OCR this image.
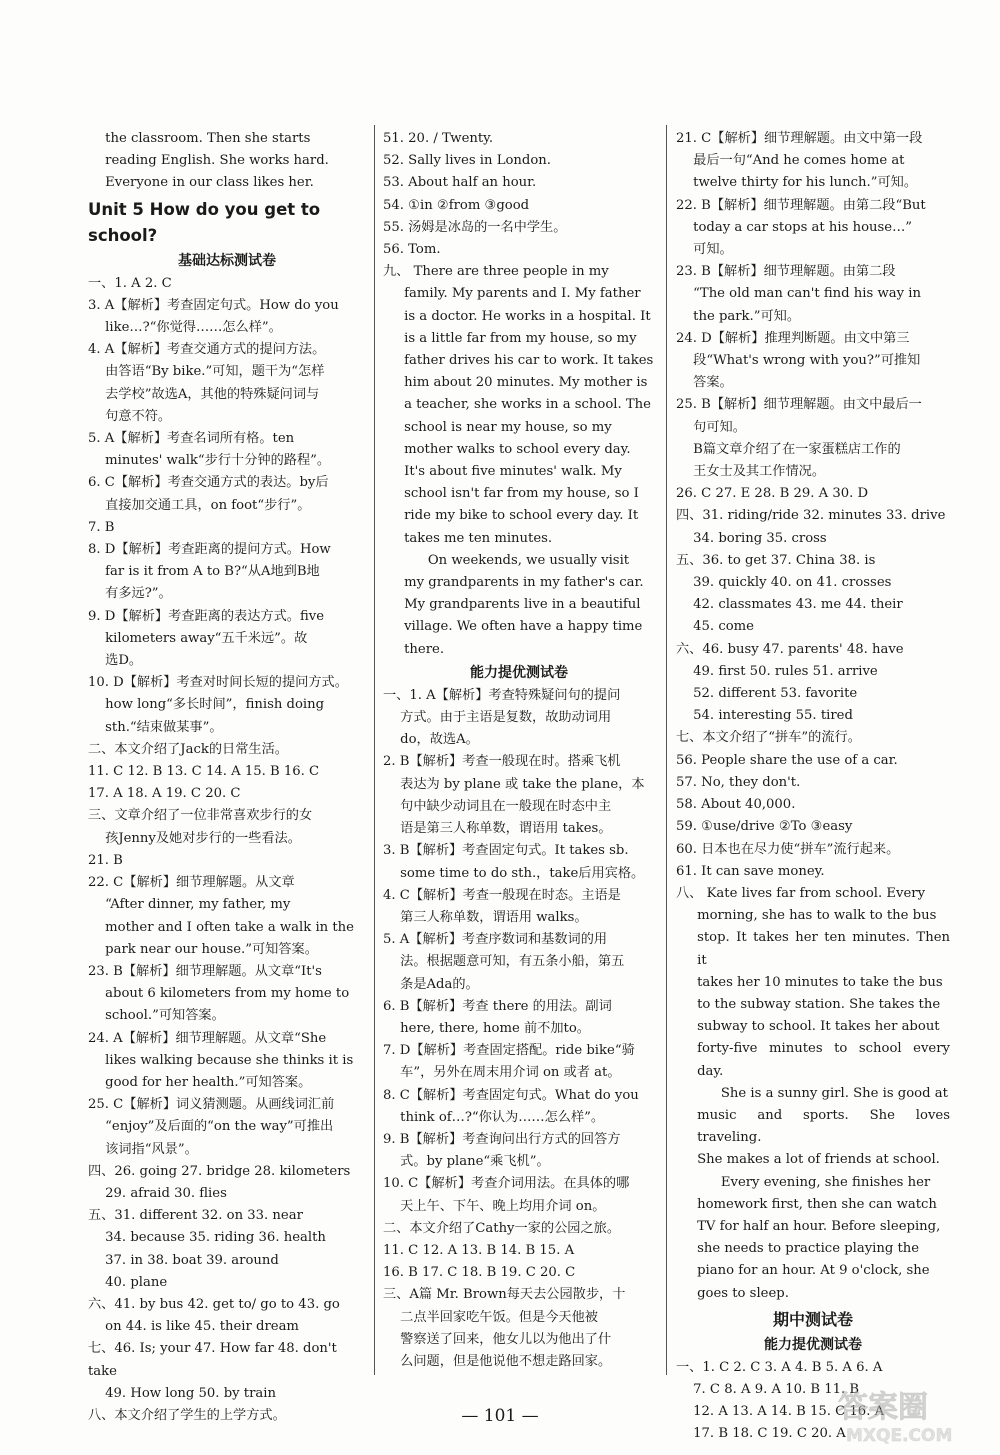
the classroom. Then she starts

reading English. She works hard.

Everyone in our class likes her.

Unit 5 How do you get to school?

基础达标测试卷

一、1. A 2. C

3. A【解析】考查固定句式。How do you

like…?“你觉得……怎么样”。

4. A【解析】考查交通方式的提问方法。

由答语“By bike.”可知，题干为“怎样

去学校”故选A，其他的特殊疑问词与

句意不符。

5. A【解析】考查名词所有格。ten

minutes' walk“步行十分钟的路程”。

6. C【解析】考查交通方式的表达。by后

直接加交通工具，on foot“步行”。

7. B

8. D【解析】考查距离的提问方式。How

far is it from A to B?“从A地到B地

有多远?”。

9. D【解析】考查距离的表达方式。five

kilometers away“五千米远”。故

选D。

10. D【解析】考查对时间长短的提问方式。

how long“多长时间”，finish doing

sth.“结束做某事”。

二、本文介绍了Jack的日常生活。

11. C 12. B 13. C 14. A 15. B 16. C

17. A 18. A 19. C 20. C

三、文章介绍了一位非常喜欢步行的女

孩Jenny及她对步行的一些看法。

21. B

22. C【解析】细节理解题。从文章

“After dinner, my father, my

mother and I often take a walk in the

park near our house.”可知答案。

23. B【解析】细节理解题。从文章“It's

about 6 kilometers from my home to

school.”可知答案。

24. A【解析】细节理解题。从文章“She

likes walking because she thinks it is

good for her health.”可知答案。

25. C【解析】词义猜测题。从画线词汇前

“enjoy”及后面的“on the way”可推出

该词指“风景”。

四、26. going 27. bridge 28. kilometers

29. afraid 30. flies

五、31. different 32. on 33. near

34. because 35. riding 36. health

37. in 38. boat 39. around

40. plane

六、41. by bus 42. get to/ go to 43. go

on 44. is like 45. their dream

七、46. Is; your 47. How far 48. don't take

49. How long 50. by train

八、本文介绍了学生的上学方式。

51. 20. / Twenty.

52. Sally lives in London.

53. About half an hour.

54. ①in ②from ③good

55. 汤姆是冰岛的一名中学生。

56. Tom.

九、 There are three people in my

family. My parents and I. My father

is a doctor. He works in a hospital. It

is a little far from my house, so my

father drives his car to work. It takes

him about 20 minutes. My mother is

a teacher, she works in a school. The

school is near my house, so my

mother walks to school every day.

It's about five minutes' walk. My

school isn't far from my house, so I

ride my bike to school every day. It

takes me ten minutes.

On weekends, we usually visit

my grandparents in my father's car.

My grandparents live in a beautiful

village. We often have a happy time

there.

能力提优测试卷

一、1. A【解析】考查特殊疑问句的提问

方式。由于主语是复数，故助动词用

do，故选A。

2. B【解析】考查一般现在时。搭乘飞机

表达为 by plane 或 take the plane，本

句中缺少动词且在一般现在时态中主

语是第三人称单数，谓语用 takes。

3. B【解析】考查固定句式。It takes sb.

some time to do sth.，take后用宾格。

4. C【解析】考查一般现在时态。主语是

第三人称单数，谓语用 walks。

5. A【解析】考查序数词和基数词的用

法。根据题意可知，有五条小船，第五

条是Ada的。

6. B【解析】考查 there 的用法。副词

here, there, home 前不加to。

7. D【解析】考查固定搭配。ride bike“骑

车”，另外在周末用介词 on 或者 at。

8. C【解析】考查固定句式。What do you

think of…?“你认为……怎么样”。

9. B【解析】考查询问出行方式的回答方

式。by plane“乘飞机”。

10. C【解析】考查介词用法。在具体的哪

天上午、下午、晚上均用介词 on。

二、本文介绍了Cathy一家的公园之旅。

11. C 12. A 13. B 14. B 15. A

16. B 17. C 18. B 19. C 20. C

三、A篇 Mr. Brown每天去公园散步，十

二点半回家吃午饭。但是今天他被

警察送了回来，他女儿以为他出了什

么问题，但是他说他不想走路回家。

21. C【解析】细节理解题。由文中第一段

最后一句“And he comes home at

twelve thirty for his lunch.”可知。

22. B【解析】细节理解题。由第二段“But

today a car stops at his house…”

可知。

23. B【解析】细节理解题。由第二段

“The old man can't find his way in

the park.”可知。

24. D【解析】推理判断题。由文中第三

段“What's wrong with you?”可推知

答案。

25. B【解析】细节理解题。由文中最后一

句可知。

B篇文章介绍了在一家蛋糕店工作的

王女士及其工作情况。

26. C 27. E 28. B 29. A 30. D

四、31. riding/ride 32. minutes 33. drive

34. boring 35. cross

五、36. to get 37. China 38. is

39. quickly 40. on 41. crosses

42. classmates 43. me 44. their

45. come

六、46. busy 47. parents' 48. have

49. first 50. rules 51. arrive

52. different 53. favorite

54. interesting 55. tired

七、本文介绍了“拼车”的流行。

56. People share the use of a car.

57. No, they don't.

58. About 40,000.

59. ①use/drive ②To ③easy

60. 日本也在尽力使“拼车”流行起来。

61. It can save money.

八、 Kate lives far from school. Every

morning, she has to walk to the bus

stop. It takes her ten minutes. Then it

takes her 10 minutes to take the bus

to the subway station. She takes the

subway to school. It takes her about

forty-five minutes to school every day.

She is a sunny girl. She is good at

music and sports. She loves traveling.

She makes a lot of friends at school.

Every evening, she finishes her

homework first, then she can watch

TV for half an hour. Before sleeping,

she needs to practice playing the

piano for an hour. At 9 o'clock, she

goes to sleep.

期中测试卷

能力提优测试卷

一、1. C 2. C 3. A 4. B 5. A 6. A

7. C 8. A 9. A 10. B 11. B

12. A 13. A 14. B 15. C 16. A

17. B 18. C 19. C 20. A

— 101 —	答案圈
MXQE.COM
